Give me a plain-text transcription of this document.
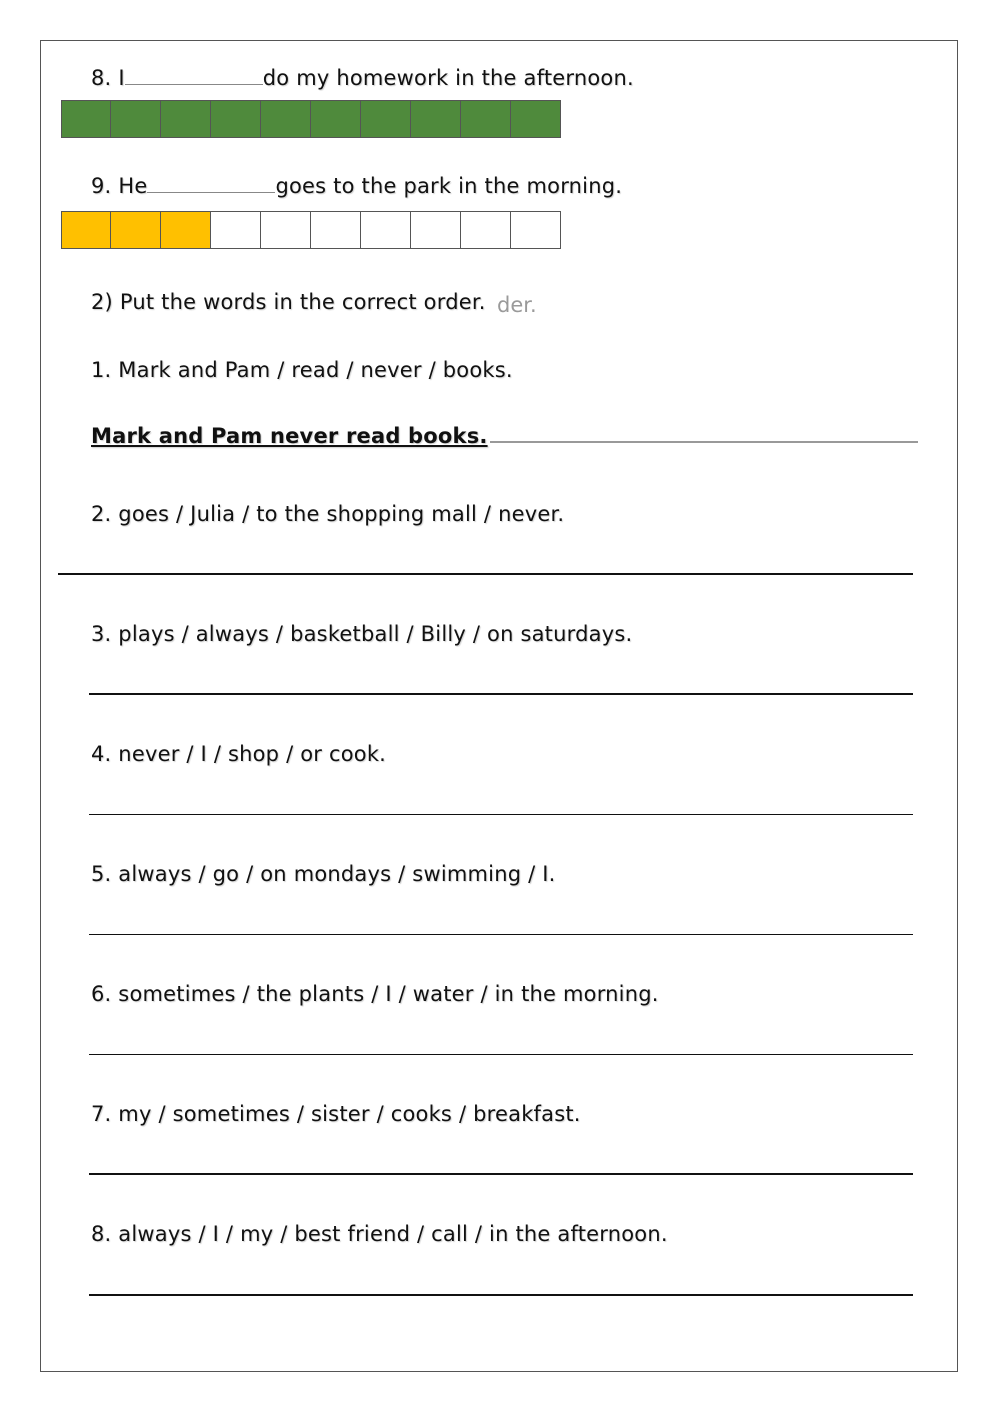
8. I	do my homework in the afternoon.
9. He	goes to the park in the morning.
der.
2) Put the words in the correct order.
1. Mark and Pam / read / never / books.
Mark and Pam never read books.
2. goes / Julia / to the shopping mall / never.
3. plays / always / basketball / Billy / on saturdays.
4. never / I / shop / or cook.
5. always / go / on mondays / swimming / I.
6. sometimes / the plants / I / water / in the morning.
7. my / sometimes / sister / cooks / breakfast.
8. always / I / my / best friend / call / in the afternoon.
